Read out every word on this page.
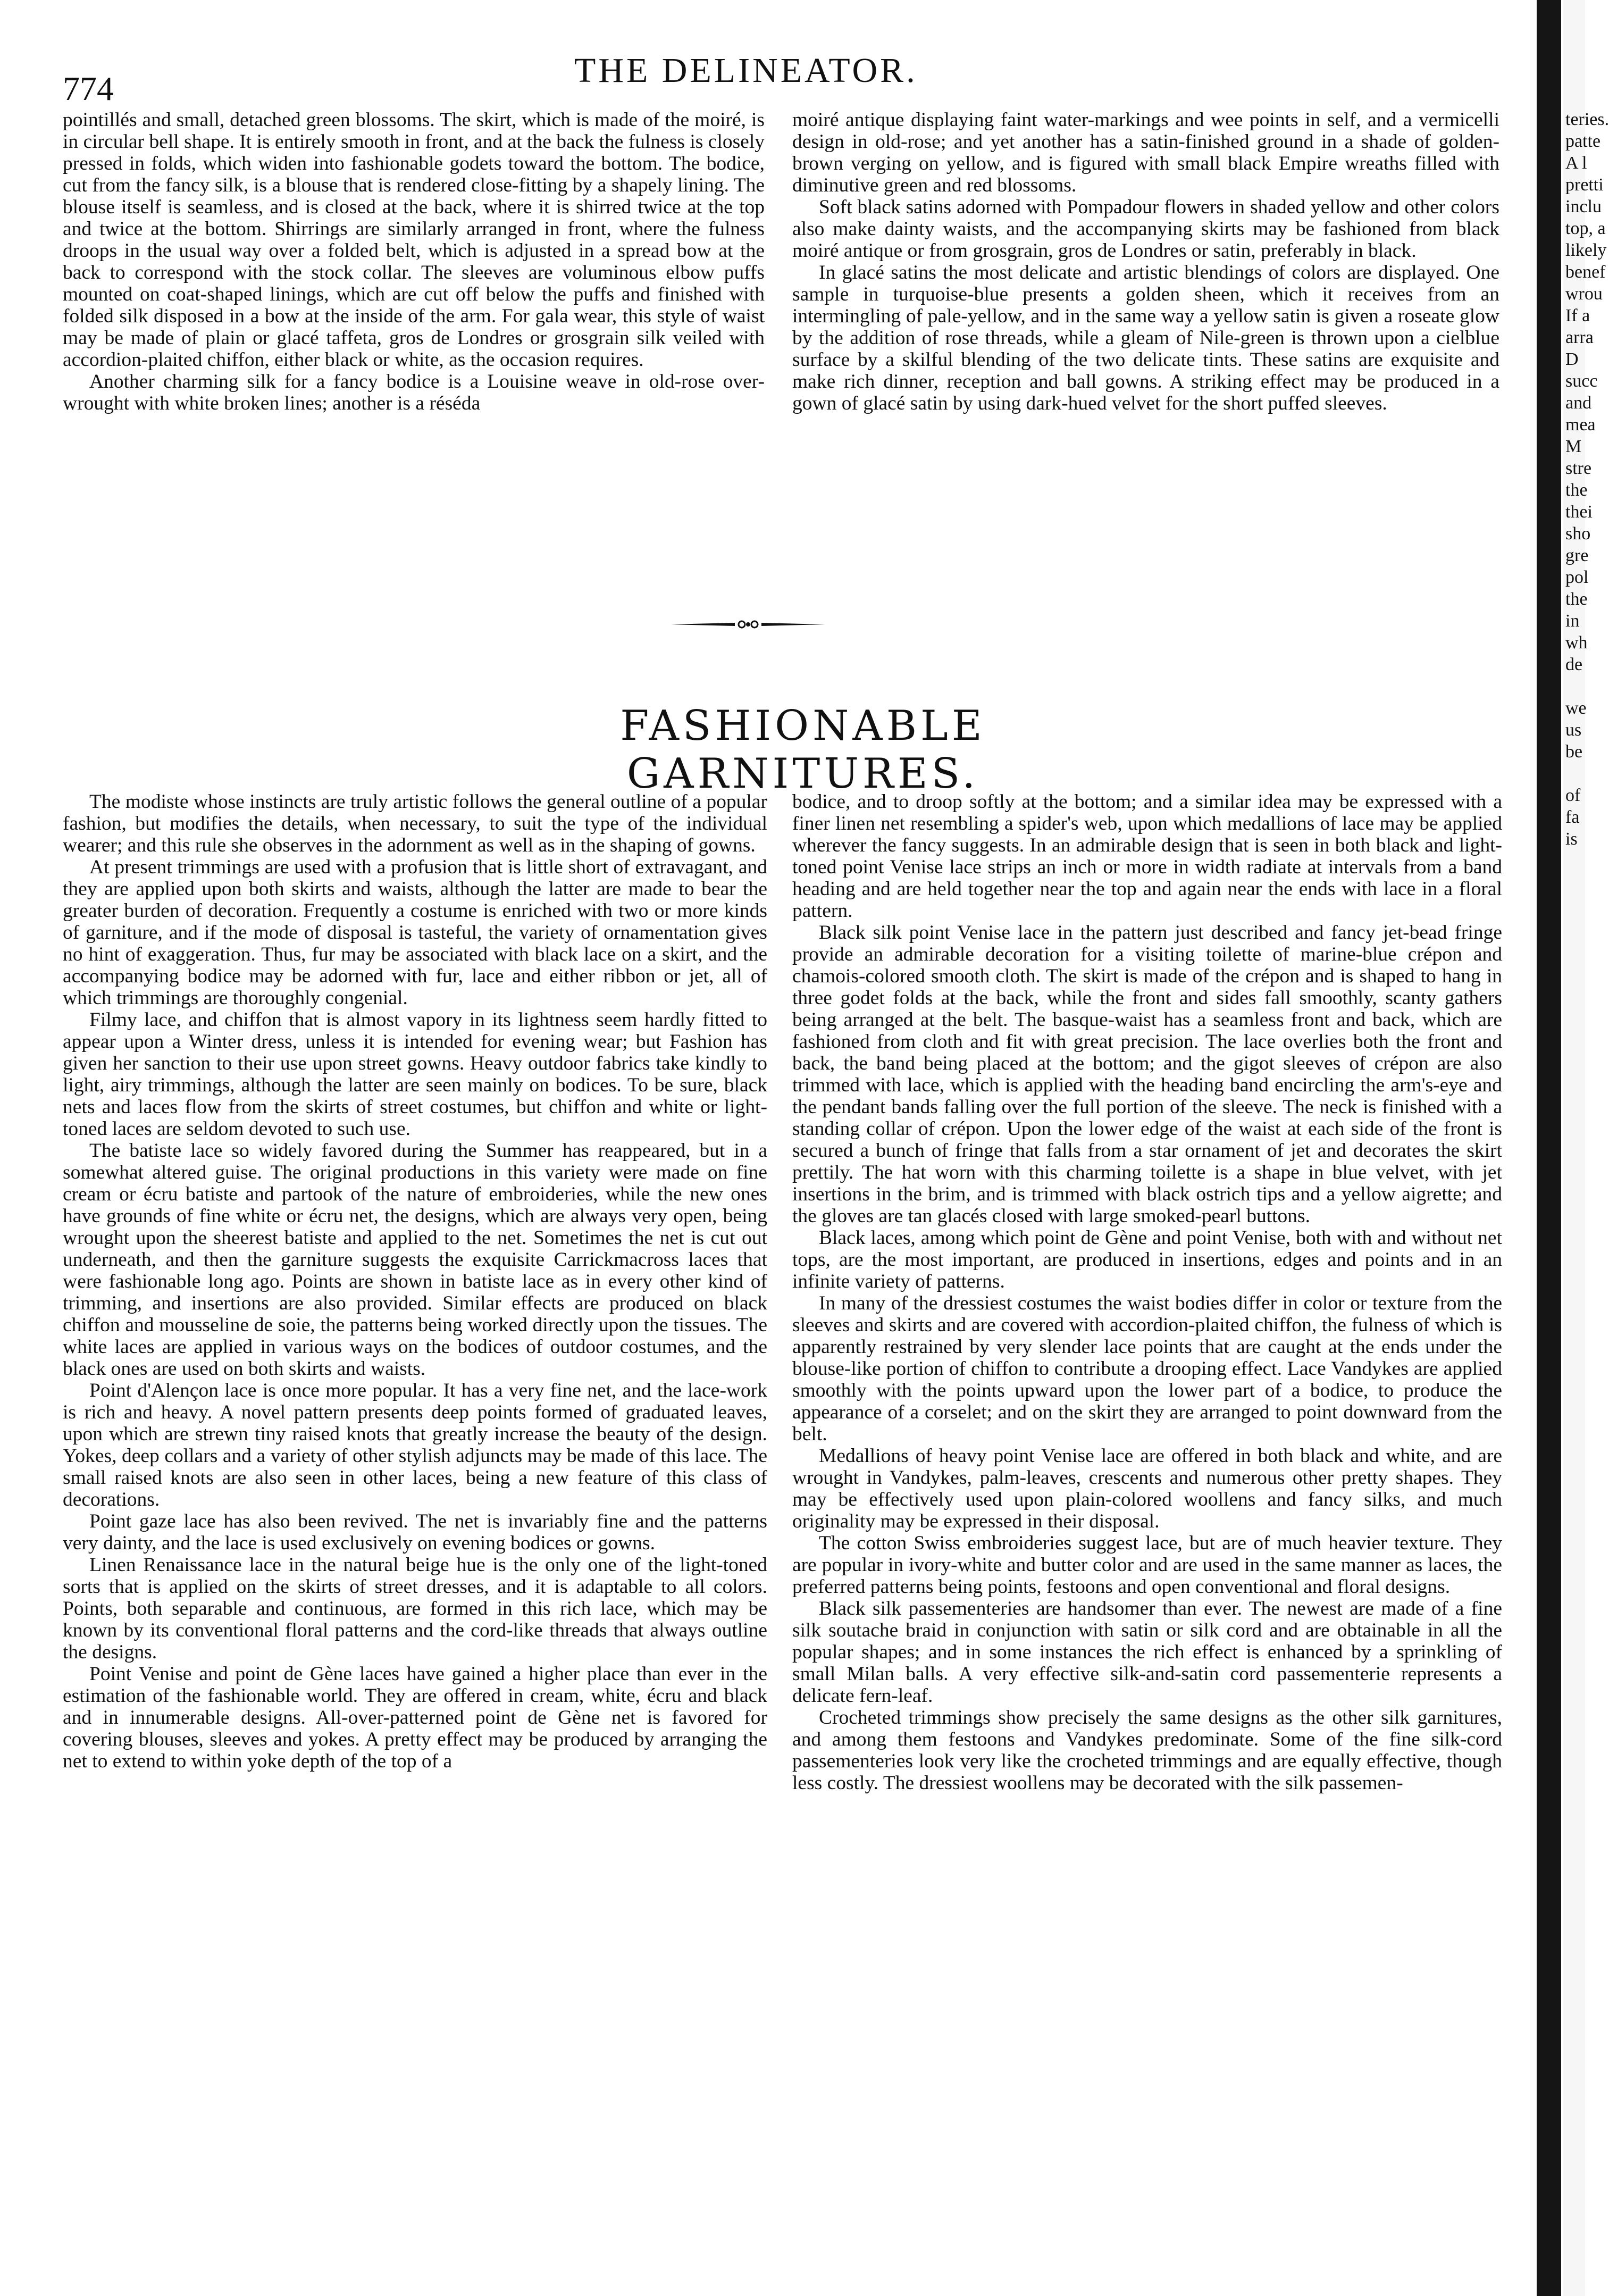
774	THE DELINEATOR.

pointillés and small, detached green blossoms. The skirt, which is made of the moiré, is in circular bell shape. It is entirely smooth in front, and at the back the fulness is closely pressed in folds, which widen into fashionable godets toward the bottom. The bodice, cut from the fancy silk, is a blouse that is rendered close-fitting by a shapely lining. The blouse itself is seamless, and is closed at the back, where it is shirred twice at the top and twice at the bottom. Shirrings are similarly arranged in front, where the fulness droops in the usual way over a folded belt, which is adjusted in a spread bow at the back to correspond with the stock collar. The sleeves are voluminous elbow puffs mounted on coat-shaped linings, which are cut off below the puffs and finished with folded silk disposed in a bow at the inside of the arm. For gala wear, this style of waist may be made of plain or glacé taffeta, gros de Londres or grosgrain silk veiled with accordion-plaited chiffon, either black or white, as the occasion requires.

Another charming silk for a fancy bodice is a Louisine weave in old-rose over-wrought with white broken lines; another is a réséda

moiré antique displaying faint water-markings and wee points in self, and a vermicelli design in old-rose; and yet another has a satin-finished ground in a shade of golden-brown verging on yellow, and is figured with small black Empire wreaths filled with diminutive green and red blossoms.

Soft black satins adorned with Pompadour flowers in shaded yellow and other colors also make dainty waists, and the accompanying skirts may be fashioned from black moiré antique or from grosgrain, gros de Londres or satin, preferably in black.

In glacé satins the most delicate and artistic blendings of colors are displayed. One sample in turquoise-blue presents a golden sheen, which it receives from an intermingling of pale-yellow, and in the same way a yellow satin is given a roseate glow by the addition of rose threads, while a gleam of Nile-green is thrown upon a cielblue surface by a skilful blending of the two delicate tints. These satins are exquisite and make rich dinner, reception and ball gowns. A striking effect may be produced in a gown of glacé satin by using dark-hued velvet for the short puffed sleeves.

FASHIONABLE GARNITURES.

The modiste whose instincts are truly artistic follows the general outline of a popular fashion, but modifies the details, when necessary, to suit the type of the individual wearer; and this rule she observes in the adornment as well as in the shaping of gowns.

At present trimmings are used with a profusion that is little short of extravagant, and they are applied upon both skirts and waists, although the latter are made to bear the greater burden of decoration. Frequently a costume is enriched with two or more kinds of garniture, and if the mode of disposal is tasteful, the variety of ornamentation gives no hint of exaggeration. Thus, fur may be associated with black lace on a skirt, and the accompanying bodice may be adorned with fur, lace and either ribbon or jet, all of which trimmings are thoroughly congenial.

Filmy lace, and chiffon that is almost vapory in its lightness seem hardly fitted to appear upon a Winter dress, unless it is intended for evening wear; but Fashion has given her sanction to their use upon street gowns. Heavy outdoor fabrics take kindly to light, airy trimmings, although the latter are seen mainly on bodices. To be sure, black nets and laces flow from the skirts of street costumes, but chiffon and white or light-toned laces are seldom devoted to such use.

The batiste lace so widely favored during the Summer has reappeared, but in a somewhat altered guise. The original productions in this variety were made on fine cream or écru batiste and partook of the nature of embroideries, while the new ones have grounds of fine white or écru net, the designs, which are always very open, being wrought upon the sheerest batiste and applied to the net. Sometimes the net is cut out underneath, and then the garniture suggests the exquisite Carrickmacross laces that were fashionable long ago. Points are shown in batiste lace as in every other kind of trimming, and insertions are also provided. Similar effects are produced on black chiffon and mousseline de soie, the patterns being worked directly upon the tissues. The white laces are applied in various ways on the bodices of outdoor costumes, and the black ones are used on both skirts and waists.

Point d'Alençon lace is once more popular. It has a very fine net, and the lace-work is rich and heavy. A novel pattern presents deep points formed of graduated leaves, upon which are strewn tiny raised knots that greatly increase the beauty of the design. Yokes, deep collars and a variety of other stylish adjuncts may be made of this lace. The small raised knots are also seen in other laces, being a new feature of this class of decorations.

Point gaze lace has also been revived. The net is invariably fine and the patterns very dainty, and the lace is used exclusively on evening bodices or gowns.

Linen Renaissance lace in the natural beige hue is the only one of the light-toned sorts that is applied on the skirts of street dresses, and it is adaptable to all colors. Points, both separable and continuous, are formed in this rich lace, which may be known by its conventional floral patterns and the cord-like threads that always outline the designs.

Point Venise and point de Gène laces have gained a higher place than ever in the estimation of the fashionable world. They are offered in cream, white, écru and black and in innumerable designs. All-over-patterned point de Gène net is favored for covering blouses, sleeves and yokes. A pretty effect may be produced by arranging the net to extend to within yoke depth of the top of a

bodice, and to droop softly at the bottom; and a similar idea may be expressed with a finer linen net resembling a spider's web, upon which medallions of lace may be applied wherever the fancy suggests. In an admirable design that is seen in both black and light-toned point Venise lace strips an inch or more in width radiate at intervals from a band heading and are held together near the top and again near the ends with lace in a floral pattern.

Black silk point Venise lace in the pattern just described and fancy jet-bead fringe provide an admirable decoration for a visiting toilette of marine-blue crépon and chamois-colored smooth cloth. The skirt is made of the crépon and is shaped to hang in three godet folds at the back, while the front and sides fall smoothly, scanty gathers being arranged at the belt. The basque-waist has a seamless front and back, which are fashioned from cloth and fit with great precision. The lace overlies both the front and back, the band being placed at the bottom; and the gigot sleeves of crépon are also trimmed with lace, which is applied with the heading band encircling the arm's-eye and the pendant bands falling over the full portion of the sleeve. The neck is finished with a standing collar of crépon. Upon the lower edge of the waist at each side of the front is secured a bunch of fringe that falls from a star ornament of jet and decorates the skirt prettily. The hat worn with this charming toilette is a shape in blue velvet, with jet insertions in the brim, and is trimmed with black ostrich tips and a yellow aigrette; and the gloves are tan glacés closed with large smoked-pearl buttons.

Black laces, among which point de Gène and point Venise, both with and without net tops, are the most important, are produced in insertions, edges and points and in an infinite variety of patterns.

In many of the dressiest costumes the waist bodies differ in color or texture from the sleeves and skirts and are covered with accordion-plaited chiffon, the fulness of which is apparently restrained by very slender lace points that are caught at the ends under the blouse-like portion of chiffon to contribute a drooping effect. Lace Vandykes are applied smoothly with the points upward upon the lower part of a bodice, to produce the appearance of a corselet; and on the skirt they are arranged to point downward from the belt.

Medallions of heavy point Venise lace are offered in both black and white, and are wrought in Vandykes, palm-leaves, crescents and numerous other pretty shapes. They may be effectively used upon plain-colored woollens and fancy silks, and much originality may be expressed in their disposal.

The cotton Swiss embroideries suggest lace, but are of much heavier texture. They are popular in ivory-white and butter color and are used in the same manner as laces, the preferred patterns being points, festoons and open conventional and floral designs.

Black silk passementeries are handsomer than ever. The newest are made of a fine silk soutache braid in conjunction with satin or silk cord and are obtainable in all the popular shapes; and in some instances the rich effect is enhanced by a sprinkling of small Milan balls. A very effective silk-and-satin cord passementerie represents a delicate fern-leaf.

Crocheted trimmings show precisely the same designs as the other silk garnitures, and among them festoons and Vandykes predominate. Some of the fine silk-cord passementeries look very like the crocheted trimmings and are equally effective, though less costly. The dressiest woollens may be decorated with the silk passemen-

teries.
patte
A l
pretti
inclu
top, a
likely
benef
wrou
If a
arra
D
succ
and
mea
M
stre
the
thei
sho
gre
pol
the
in
wh
de
we
us
be
of
fa
is
